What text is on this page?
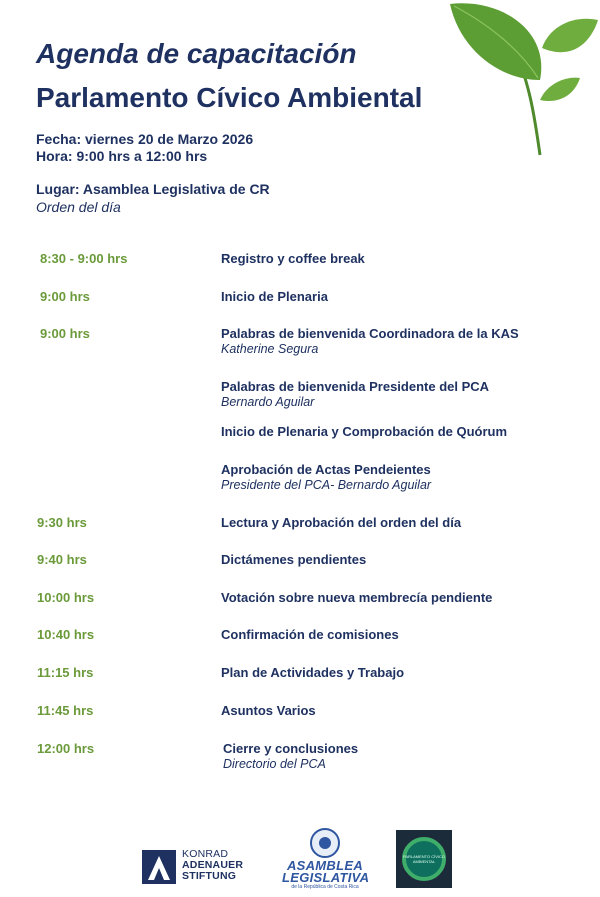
Agenda de capacitación
Parlamento Cívico Ambiental
Fecha: viernes 20 de Marzo 2026
Hora: 9:00 hrs a 12:00 hrs
Lugar: Asamblea Legislativa de CR
Orden del día
8:30 - 9:00 hrs	Registro y coffee break
9:00 hrs	Inicio de Plenaria
9:00 hrs	Palabras de bienvenida Coordinadora de la KAS
Katherine Segura
Palabras de bienvenida Presidente del PCA
Bernardo Aguilar
Inicio de Plenaria y Comprobación de Quórum
Aprobación de Actas Pendeientes
Presidente del PCA- Bernardo Aguilar
9:30 hrs	Lectura y Aprobación del orden del día
9:40 hrs	Dictámenes pendientes
10:00 hrs	Votación sobre nueva membrecía pendiente
10:40 hrs	Confirmación de comisiones
11:15 hrs	Plan de Actividades y Trabajo
11:45 hrs	Asuntos Varios
12:00 hrs	Cierre y conclusiones
Directorio del PCA
KONRAD
ADENAUER
STIFTUNG
ASAMBLEA LEGISLATIVA
de la República de Costa Rica
PARLAMENTO CÍVICO AMBIENTAL
